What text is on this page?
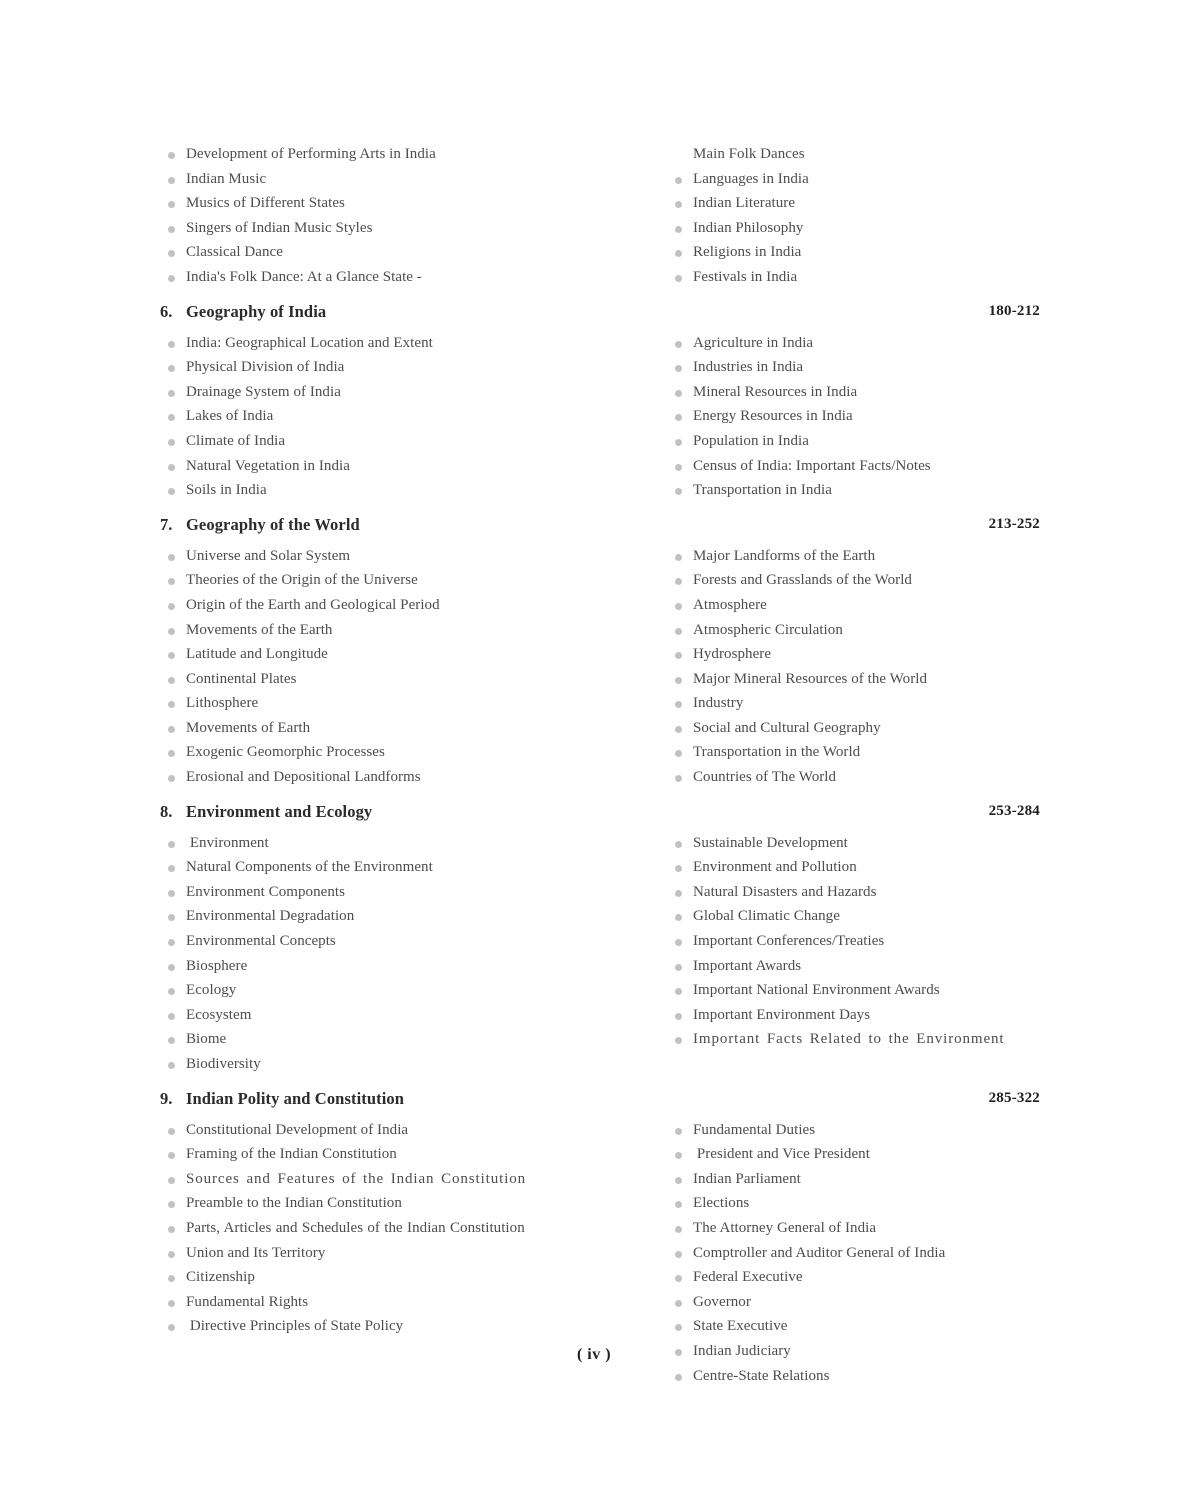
Development of Performing Arts in India
Indian Music
Musics of Different States
Singers of Indian Music Styles
Classical Dance
India's Folk Dance: At a Glance State -
Main Folk Dances
Languages in India
Indian Literature
Indian Philosophy
Religions in India
Festivals in India
6. Geography of India	180-212
India: Geographical Location and Extent
Physical Division of India
Drainage System of India
Lakes of India
Climate of India
Natural Vegetation in India
Soils in India
Agriculture in India
Industries in India
Mineral Resources in India
Energy Resources in India
Population in India
Census of India: Important Facts/Notes
Transportation in India
7. Geography of the World	213-252
Universe and Solar System
Theories of the Origin of the Universe
Origin of the Earth and Geological Period
Movements of the Earth
Latitude and Longitude
Continental Plates
Lithosphere
Movements of Earth
Exogenic Geomorphic Processes
Erosional and Depositional Landforms
Major Landforms of the Earth
Forests and Grasslands of the World
Atmosphere
Atmospheric Circulation
Hydrosphere
Major Mineral Resources of the World
Industry
Social and Cultural Geography
Transportation in the World
Countries of The World
8. Environment and Ecology	253-284
Environment
Natural Components of the Environment
Environment Components
Environmental Degradation
Environmental Concepts
Biosphere
Ecology
Ecosystem
Biome
Biodiversity
Sustainable Development
Environment and Pollution
Natural Disasters and Hazards
Global Climatic Change
Important Conferences/Treaties
Important Awards
Important National Environment Awards
Important Environment Days
Important Facts Related to the Environment
9. Indian Polity and Constitution	285-322
Constitutional Development of India
Framing of the Indian Constitution
Sources and Features of the Indian Constitution
Preamble to the Indian Constitution
Parts, Articles and Schedules of the Indian Constitution
Union and Its Territory
Citizenship
Fundamental Rights
Directive Principles of State Policy
Fundamental Duties
President and Vice President
Indian Parliament
Elections
The Attorney General of India
Comptroller and Auditor General of India
Federal Executive
Governor
State Executive
Indian Judiciary
Centre-State Relations
( iv )
